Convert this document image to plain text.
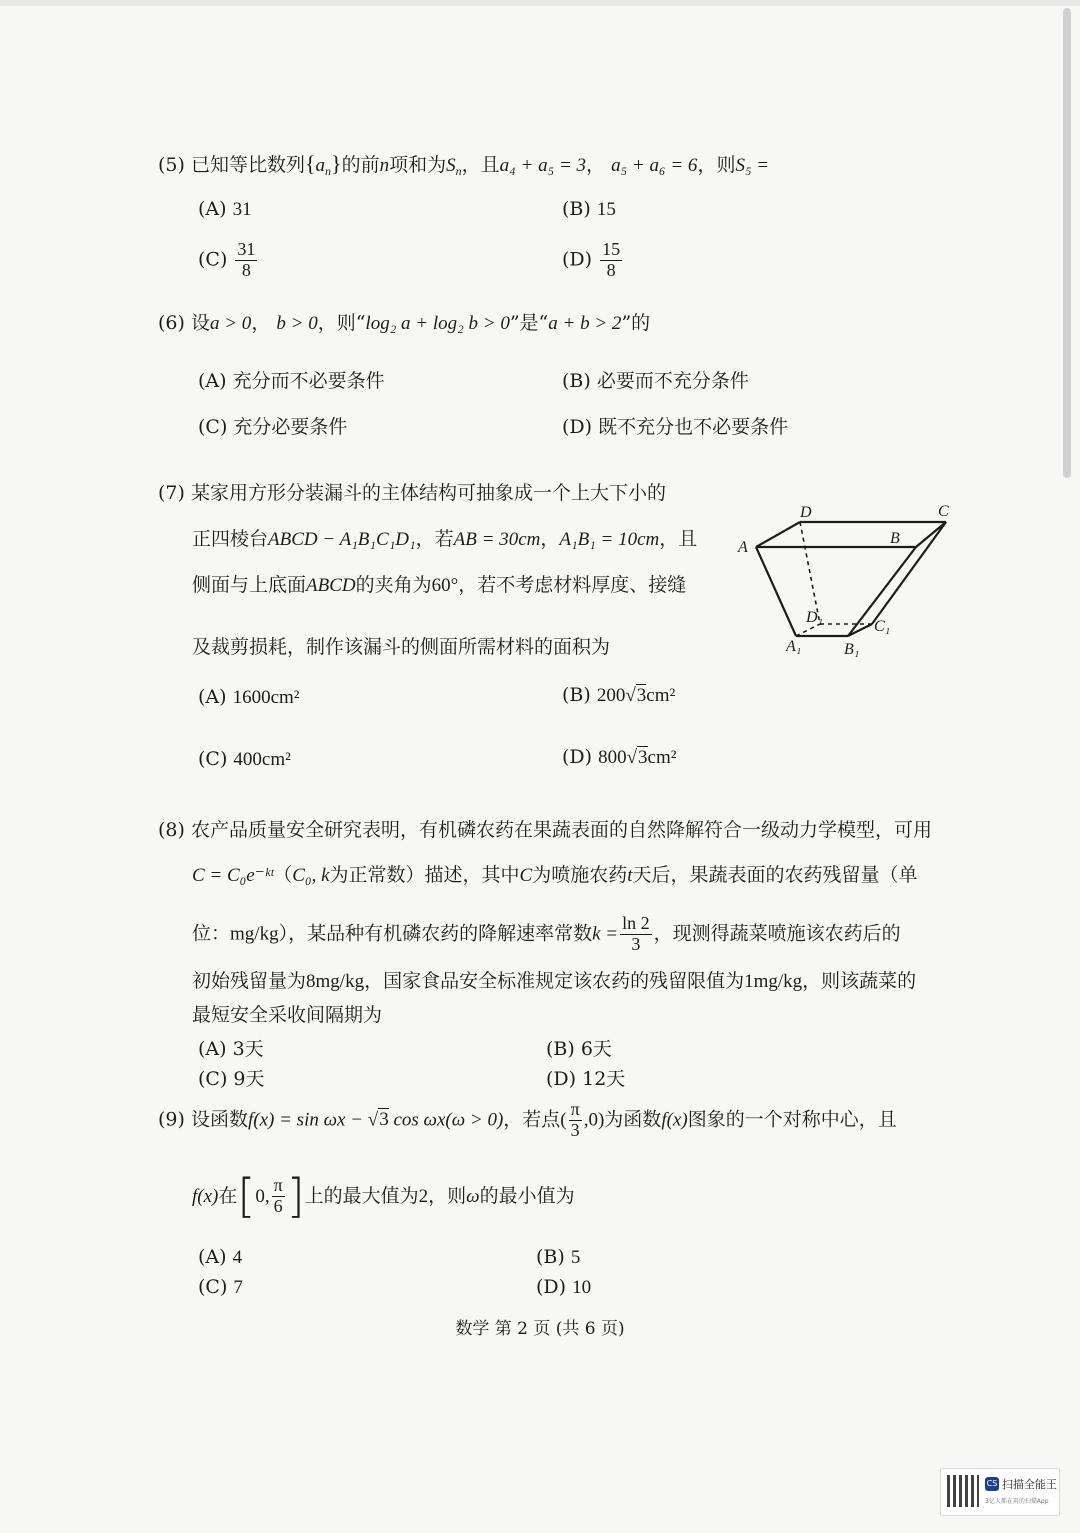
(5) 已知等比数列$\{a_n\}$的前n项和为$S_n$，且a₄ + a₅ = 3， a₅ + a₆ = 6，则S₅ =
(A) 31	(B) 15
$(C) \frac{31}{8}$	$(D) \frac{15}{8}$
(6) 设a > 0， b > 0，则“log₂ a + log₂ b > 0”是“a + b > 2”的
(A) 充分而不必要条件	(B) 必要而不充分条件
(C) 充分必要条件	(D) 既不充分也不必要条件
(7) 某家用方形分装漏斗的主体结构可抽象成一个上大下小的
正四棱台ABCD − A₁B₁C₁D₁，若AB = 30cm，A₁B₁ = 10cm，且
侧面与上底面ABCD的夹角为60°，若不考虑材料厚度、接缝
及裁剪损耗，制作该漏斗的侧面所需材料的面积为
A
B
C
D
A₁	B₁
C₁
D₁
(A) 1600cm²	(B) 200√3cm²
(C) 400cm²	(D) 800√3cm²
(8) 农产品质量安全研究表明，有机磷农药在果蔬表面的自然降解符合一级动力学模型，可用
C = C₀e⁻ᵏᵗ（C₀, k为正常数）描述，其中C为喷施农药t天后，果蔬表面的农药残留量（单
位：mg/kg），某品种有机磷农药的降解速率常数$k = \frac{\ln 2}{3}$ ，现测得蔬菜喷施该农药后的
初始残留量为8mg/kg，国家食品安全标准规定该农药的残留限值为1mg/kg，则该蔬菜的
最短安全采收间隔期为
(A) 3天	(B) 6天
(C) 9天	(D) 12天
(9) 设函数f(x) = sin ωx − √3 cos ωx(ω > 0)，若点( $\frac{\pi}{3} ,0$)为函数f(x)图象的一个对称中心，且
f(x)在[0, $\frac{\pi}{6}$ ]上的最大值为2，则ω的最小值为
(A) 4	(B) 5
(C) 7	(D) 10
数学 第 2 页 (共 6 页)
CS 扫描全能王
3亿人都在用的扫描App
